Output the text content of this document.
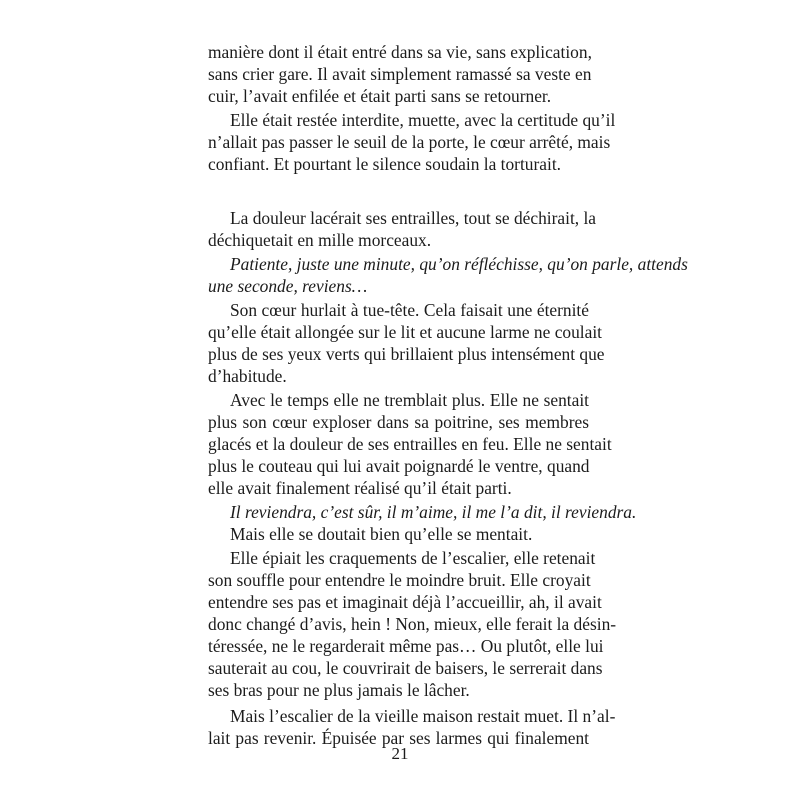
manière dont il était entré dans sa vie, sans explication,
sans crier gare. Il avait simplement ramassé sa veste en
cuir, l’avait enfilée et était parti sans se retourner.
Elle était restée interdite, muette, avec la certitude qu’il
n’allait pas passer le seuil de la porte, le cœur arrêté, mais
confiant. Et pourtant le silence soudain la torturait.
La douleur lacérait ses entrailles, tout se déchirait, la
déchiquetait en mille morceaux.
Patiente, juste une minute, qu’on réfléchisse, qu’on parle, attends
une seconde, reviens…
Son cœur hurlait à tue-tête. Cela faisait une éternité
qu’elle était allongée sur le lit et aucune larme ne coulait
plus de ses yeux verts qui brillaient plus intensément que
d’habitude.
Avec le temps elle ne tremblait plus. Elle ne sentait
plus son cœur exploser dans sa poitrine, ses membres
glacés et la douleur de ses entrailles en feu. Elle ne sentait
plus le couteau qui lui avait poignardé le ventre, quand
elle avait finalement réalisé qu’il était parti.
Il reviendra, c’est sûr, il m’aime, il me l’a dit, il reviendra.
Mais elle se doutait bien qu’elle se mentait.
Elle épiait les craquements de l’escalier, elle retenait
son souffle pour entendre le moindre bruit. Elle croyait
entendre ses pas et imaginait déjà l’accueillir, ah, il avait
donc changé d’avis, hein ! Non, mieux, elle ferait la désin-
téressée, ne le regarderait même pas… Ou plutôt, elle lui
sauterait au cou, le couvrirait de baisers, le serrerait dans
ses bras pour ne plus jamais le lâcher.
Mais l’escalier de la vieille maison restait muet. Il n’al-
lait pas revenir. Épuisée par ses larmes qui finalement
21
